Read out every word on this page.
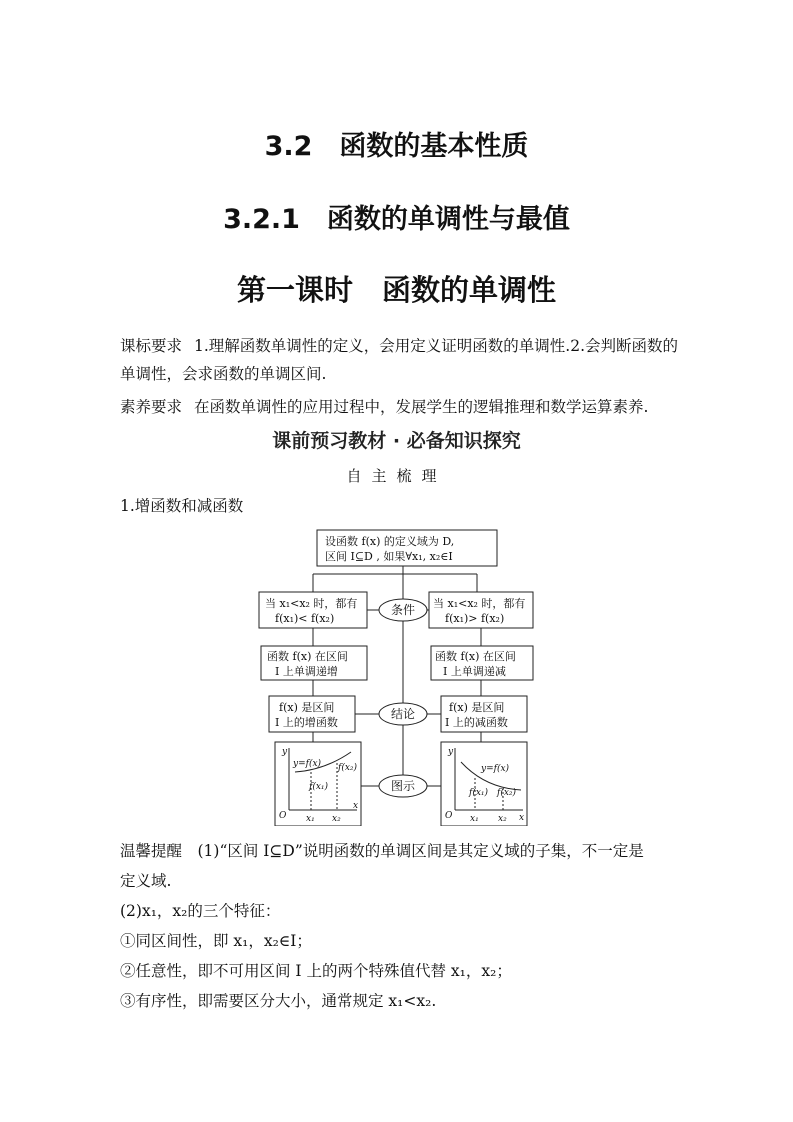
3.2　函数的基本性质
3.2.1　函数的单调性与最值
第一课时　函数的单调性
课标要求 1.理解函数单调性的定义，会用定义证明函数的单调性.2.会判断函数的单调性，会求函数的单调区间.
素养要求 在函数单调性的应用过程中，发展学生的逻辑推理和数学运算素养.
课前预习教材 · 必备知识探究
自主梳理
1.增函数和减函数
设函数 f(x) 的定义域为 D,
区间 I⊆D , 如果∀x₁, x₂∈I
当 x₁<x₂ 时，都有
f(x₁)< f(x₂)
当 x₁<x₂ 时，都有
f(x₁)> f(x₂)
条件
函数 f(x) 在区间
I 上单调递增
函数 f(x) 在区间
I 上单调递减
f(x) 是区间
I 上的增函数
f(x) 是区间
I 上的减函数
结论
图示
y
O
x
y=f(x)
f(x₁)
f(x₂)
x₁ x₂
y
O	x
y=f(x)
f(x₁) f(x₂)
x₁ x₂
温馨提醒　(1)“区间 I⊆D”说明函数的单调区间是其定义域的子集，不一定是
定义域.
(2)x₁，x₂的三个特征：
①同区间性，即 x₁，x₂∈I；
②任意性，即不可用区间 I 上的两个特殊值代替 x₁，x₂；
③有序性，即需要区分大小，通常规定 x₁<x₂.
